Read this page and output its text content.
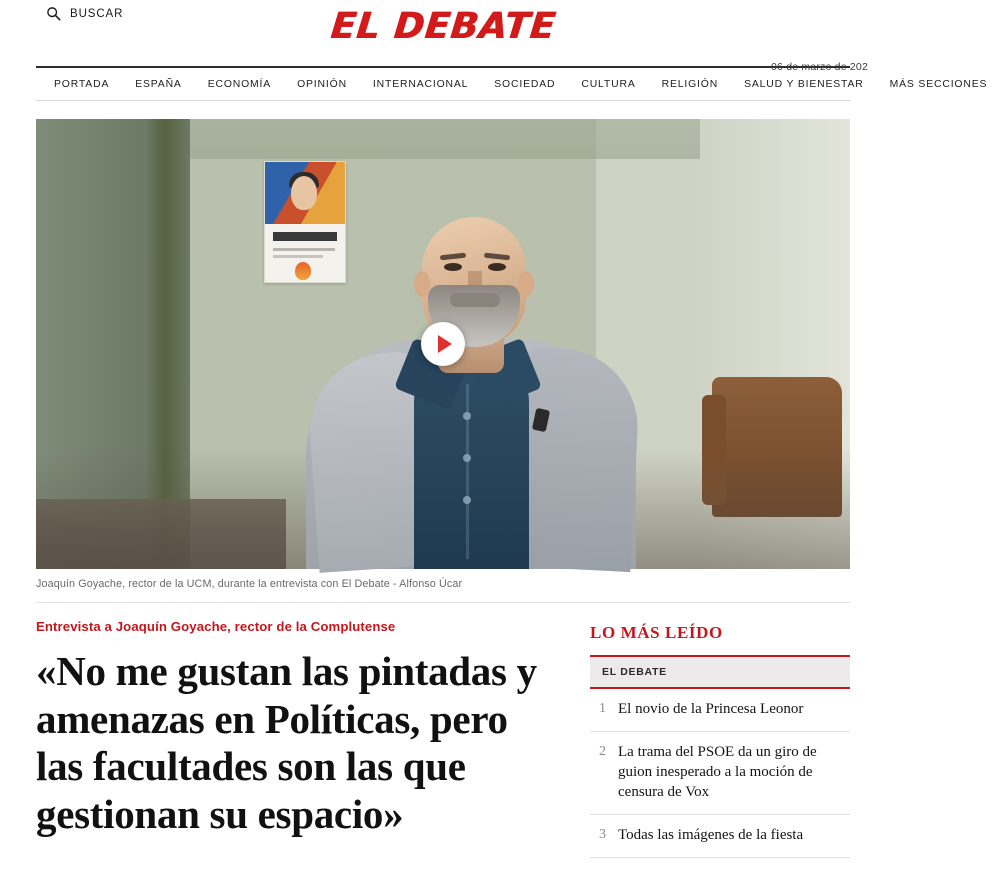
BUSCAR	EL DEBATE
06 de marzo de 202
PORTADA	ESPAÑA	ECONOMÍA	OPINIÓN	INTERNACIONAL	SOCIEDAD	CULTURA	RELIGIÓN	SALUD Y BIENESTAR	MÁS SECCIONES
Joaquín Goyache, rector de la UCM, durante la entrevista con El Debate - Alfonso Úcar
Entrevista a Joaquín Goyache, rector de la Complutense
«No me gustan las pintadas y amenazas en Políticas, pero las facultades son las que gestionan su espacio»
LO MÁS LEÍDO
EL DEBATE
1 El novio de la Princesa Leonor
2 La trama del PSOE da un giro de guion inesperado a la moción de censura de Vox
3 Todas las imágenes de la fiesta
